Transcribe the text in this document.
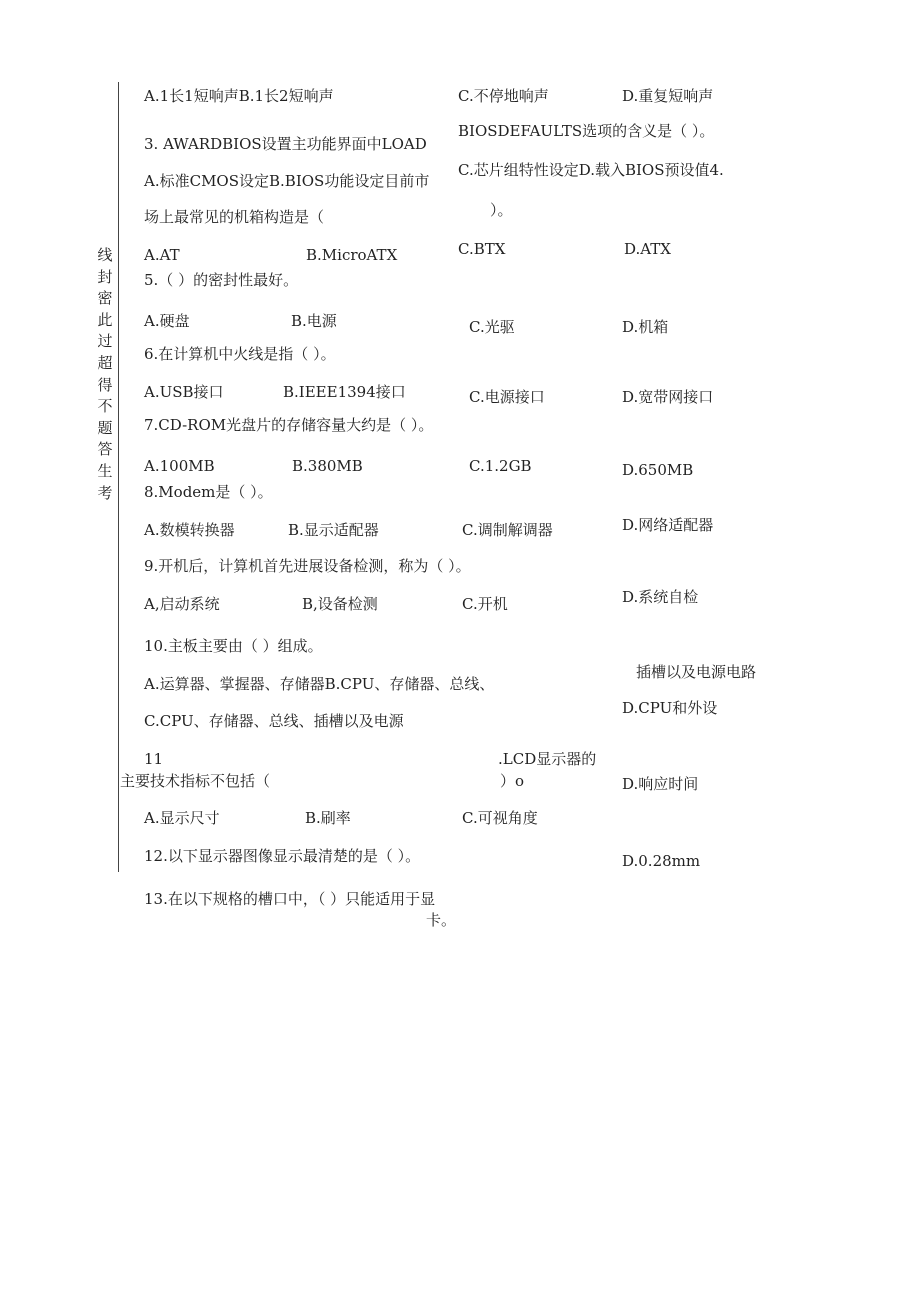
线
封
密
此
过
超
得
不
题
答
生
考
A.1长1短响声B.1长2短响声	C.不停地响声	D.重复短响声
3. AWARDBIOS设置主功能界面中LOAD
BIOSDEFAULTS选项的含义是（ ）。
C.芯片组特性设定D.载入BIOS预设值4.
A.标准CMOS设定B.BIOS功能设定目前市
场上最常见的机箱构造是（	）。
A.AT	B.MicroATX	C.BTX	D.ATX
5.（ ）的密封性最好。
A.硬盘	B.电源	C.光驱	D.机箱
6.在计算机中火线是指（ ）。
A.USB接口	B.IEEE1394接口	C.电源接口	D.宽带网接口
7.CD-ROM光盘片的存储容量大约是（ ）。
A.100MB	B.380MB	C.1.2GB	D.650MB
8.Modem是（ ）。
A.数模转换器	B.显示适配器	C.调制解调器	D.网络适配器
9.开机后，计算机首先进展设备检测，称为（ ）。
A,启动系统	B,设备检测	C.开机	D.系统自检
10.主板主要由（ ）组成。
插槽以及电源电路
A.运算器、掌握器、存储器B.CPU、存储器、总线、
D.CPU和外设
C.CPU、存储器、总线、插槽以及电源
11	.LCD显示器的
主要技术指标不包括（	）o	D.响应时间
A.显示尺寸	B.刷率	C.可视角度
12.以下显示器图像显示最清楚的是（ ）。	D.0.28mm
13.在以下规格的槽口中，（ ）只能适用于显
卡。
